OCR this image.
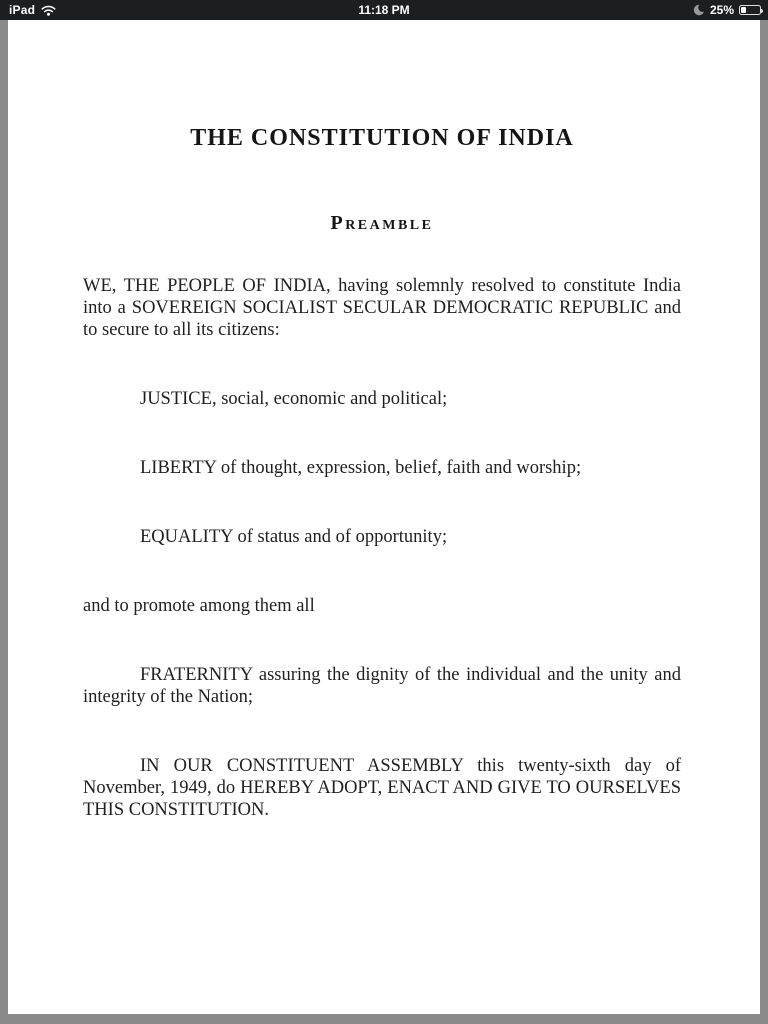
iPad	11:18 PM	25%
THE CONSTITUTION OF INDIA
Preamble

WE, THE PEOPLE OF INDIA, having solemnly resolved to constitute India into a SOVEREIGN SOCIALIST SECULAR DEMOCRATIC REPUBLIC and to secure to all its citizens:

JUSTICE, social, economic and political;

LIBERTY of thought, expression, belief, faith and worship;

EQUALITY of status and of opportunity;

and to promote among them all

FRATERNITY assuring the dignity of the individual and the unity and integrity of the Nation;

IN OUR CONSTITUENT ASSEMBLY this twenty-sixth day of November, 1949, do HEREBY ADOPT, ENACT AND GIVE TO OURSELVES THIS CONSTITUTION.
